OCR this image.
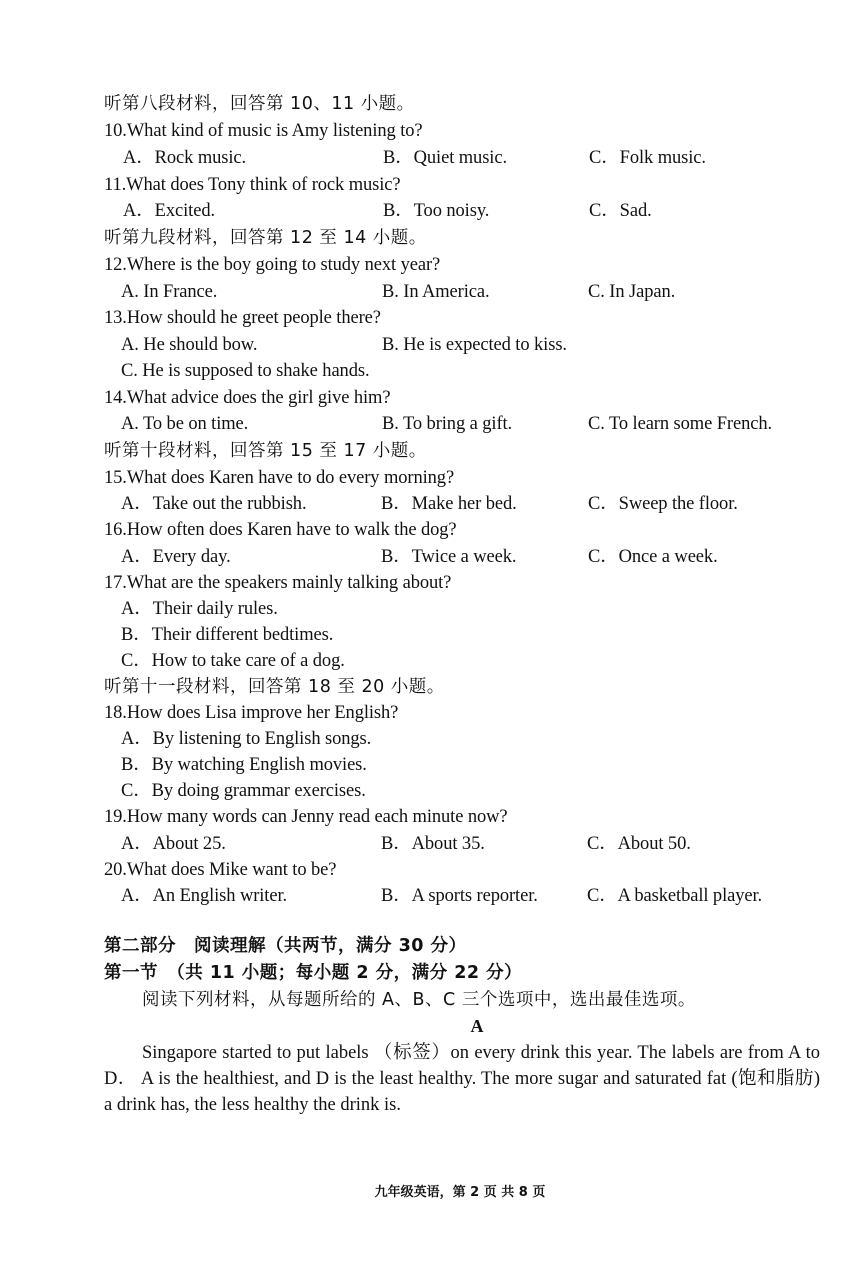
听第八段材料，回答第 10、11 小题。
10.What kind of music is Amy listening to?
A．Rock music.	B．Quiet music.	C．Folk music.
11.What does Tony think of rock music?
A．Excited.	B．Too noisy.	C．Sad.
听第九段材料，回答第 12 至 14 小题。
12.Where is the boy going to study next year?
A. In France.	B. In America.	C. In Japan.
13.How should he greet people there?
A. He should bow.	B. He is expected to kiss.
C. He is supposed to shake hands.
14.What advice does the girl give him?
A. To be on time.	B. To bring a gift.	C. To learn some French.
听第十段材料，回答第 15 至 17 小题。
15.What does Karen have to do every morning?
A．Take out the rubbish.	B．Make her bed.	C．Sweep the floor.
16.How often does Karen have to walk the dog?
A．Every day.	B．Twice a week.	C．Once a week.
17.What are the speakers mainly talking about?
A．Their daily rules.
B．Their different bedtimes.
C．How to take care of a dog.
听第十一段材料，回答第 18 至 20 小题。
18.How does Lisa improve her English?
A．By listening to English songs.
B．By watching English movies.
C．By doing grammar exercises.
19.How many words can Jenny read each minute now?
A．About 25.	B．About 35.	C．About 50.
20.What does Mike want to be?
A．An English writer.	B．A sports reporter.	C．A basketball player.
第二部分　阅读理解（共两节，满分 30 分）
第一节　（共 11 小题；每小题 2 分，满分 22 分）
阅读下列材料，从每题所给的 A、B、C 三个选项中，选出最佳选项。
A
Singapore started to put labels （标签）on every drink this year. The labels are from A to D． A is the healthiest, and D is the least healthy. The more sugar and saturated fat (饱和脂肪) a drink has, the less healthy the drink is.
九年级英语，第 2 页 共 8 页
